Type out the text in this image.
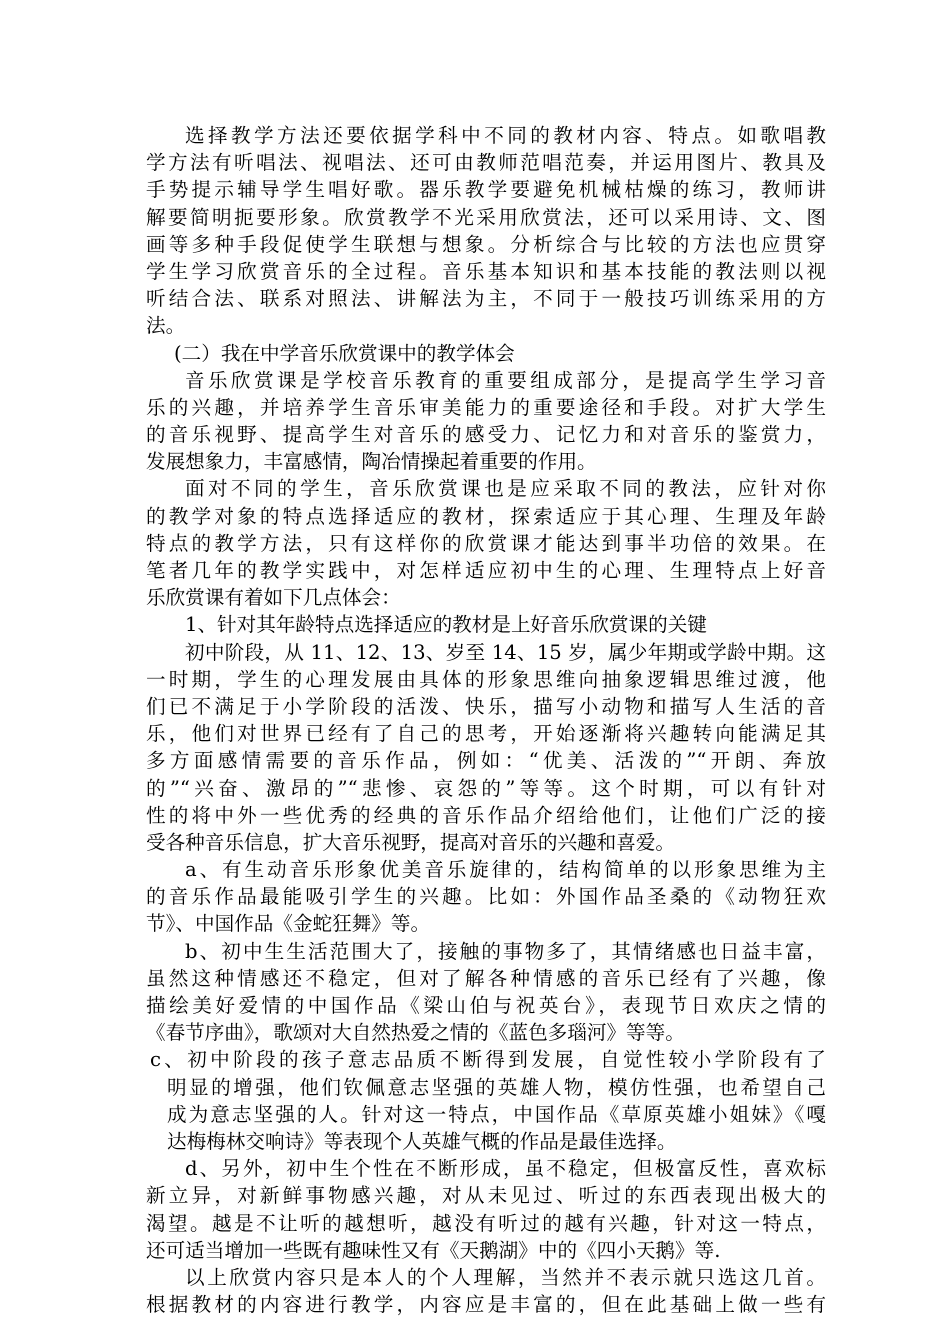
选择教学方法还要依据学科中不同的教材内容、特点。如歌唱教
学方法有听唱法、视唱法、还可由教师范唱范奏，并运用图片、教具及
手势提示辅导学生唱好歌。器乐教学要避免机械枯燥的练习，教师讲
解要简明扼要形象。欣赏教学不光采用欣赏法，还可以采用诗、文、图
画等多种手段促使学生联想与想象。分析综合与比较的方法也应贯穿
学生学习欣赏音乐的全过程。音乐基本知识和基本技能的教法则以视
听结合法、联系对照法、讲解法为主，不同于一般技巧训练采用的方
法。
(二）我在中学音乐欣赏课中的教学体会
音乐欣赏课是学校音乐教育的重要组成部分，是提高学生学习音
乐的兴趣，并培养学生音乐审美能力的重要途径和手段。对扩大学生
的音乐视野、提高学生对音乐的感受力、记忆力和对音乐的鉴赏力，
发展想象力，丰富感情，陶冶情操起着重要的作用。
面对不同的学生，音乐欣赏课也是应采取不同的教法，应针对你
的教学对象的特点选择适应的教材，探索适应于其心理、生理及年龄
特点的教学方法，只有这样你的欣赏课才能达到事半功倍的效果。在
笔者几年的教学实践中，对怎样适应初中生的心理、生理特点上好音
乐欣赏课有着如下几点体会：
1、针对其年龄特点选择适应的教材是上好音乐欣赏课的关键
初中阶段，从 11、12、13、岁至 14、15 岁，属少年期或学龄中期。这
一时期，学生的心理发展由具体的形象思维向抽象逻辑思维过渡，他
们已不满足于小学阶段的活泼、快乐，描写小动物和描写人生活的音
乐，他们对世界已经有了自己的思考，开始逐渐将兴趣转向能满足其
多方面感情需要的音乐作品，例如：“优美、活泼的”“开朗、奔放
的”“兴奋、激昂的”“悲惨、哀怨的”等等。这个时期，可以有针对
性的将中外一些优秀的经典的音乐作品介绍给他们，让他们广泛的接
受各种音乐信息，扩大音乐视野，提高对音乐的兴趣和喜爱。
a、有生动音乐形象优美音乐旋律的，结构简单的以形象思维为主
的音乐作品最能吸引学生的兴趣。比如：外国作品圣桑的《动物狂欢
节》、中国作品《金蛇狂舞》等。
b、初中生生活范围大了，接触的事物多了，其情绪感也日益丰富，
虽然这种情感还不稳定，但对了解各种情感的音乐已经有了兴趣，像
描绘美好爱情的中国作品《梁山伯与祝英台》，表现节日欢庆之情的
《春节序曲》，歌颂对大自然热爱之情的《蓝色多瑙河》等等。
c、初中阶段的孩子意志品质不断得到发展，自觉性较小学阶段有了
明显的增强，他们钦佩意志坚强的英雄人物，模仿性强，也希望自己
成为意志坚强的人。针对这一特点，中国作品《草原英雄小姐妹》《嘎
达梅梅林交响诗》等表现个人英雄气概的作品是最佳选择。
d、另外，初中生个性在不断形成，虽不稳定，但极富反性，喜欢标
新立异，对新鲜事物感兴趣，对从未见过、听过的东西表现出极大的
渴望。越是不让听的越想听，越没有听过的越有兴趣，针对这一特点，
还可适当增加一些既有趣味性又有《天鹅湖》中的《四小天鹅》等.
以上欣赏内容只是本人的个人理解，当然并不表示就只选这几首。
根据教材的内容进行教学，内容应是丰富的，但在此基础上做一些有
